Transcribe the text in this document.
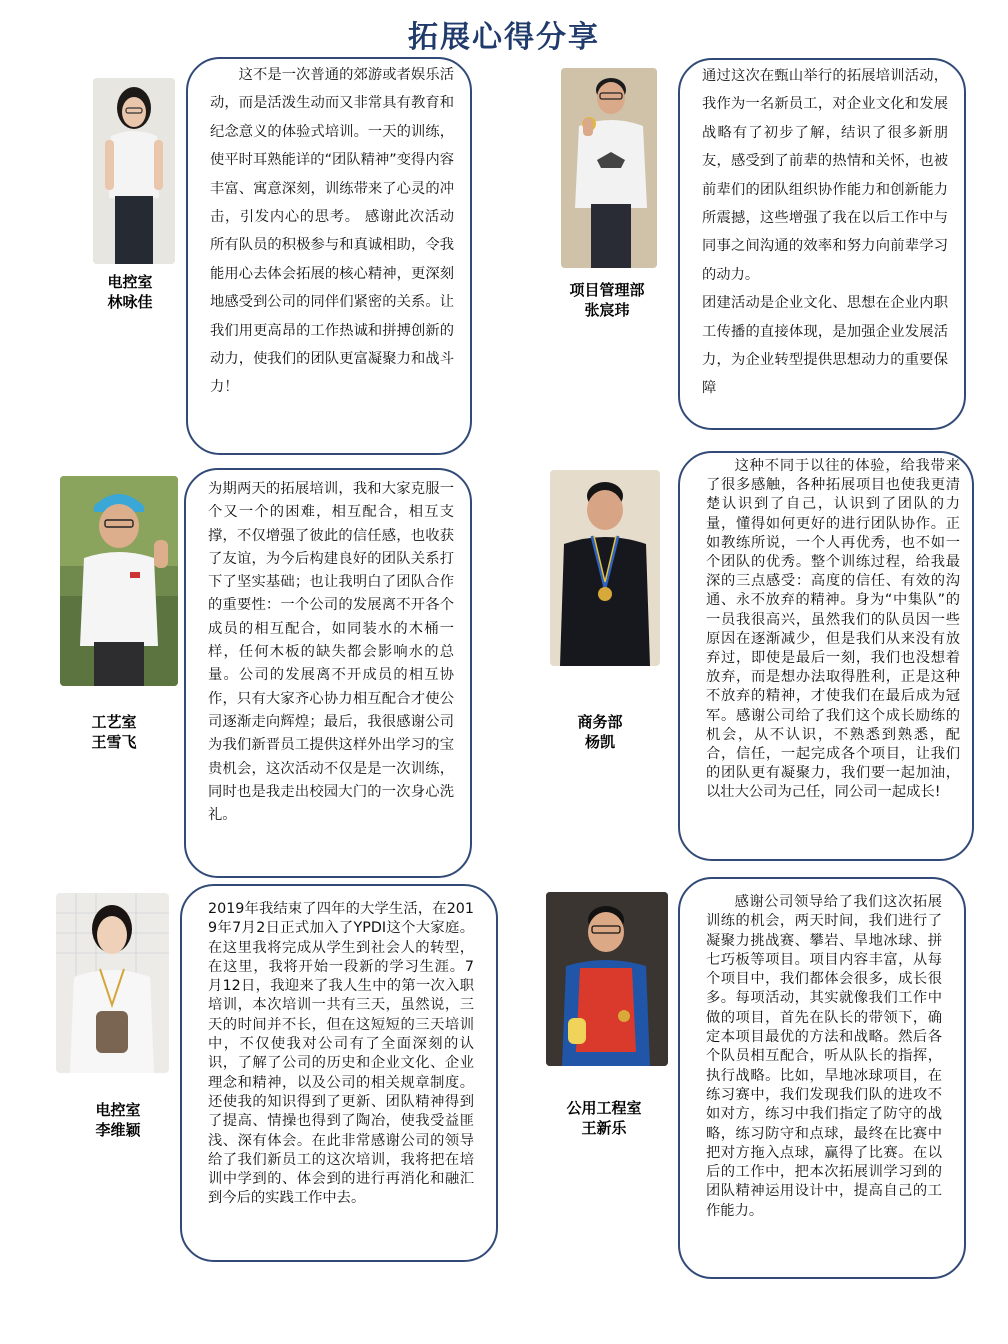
拓展心得分享
电控室
林咏佳

这不是一次普通的郊游或者娱乐活动，而是活泼生动而又非常具有教育和纪念意义的体验式培训。一天的训练，使平时耳熟能详的“团队精神”变得内容丰富、寓意深刻，训练带来了心灵的冲击，引发内心的思考。 感谢此次活动所有队员的积极参与和真诚相助，令我能用心去体会拓展的核心精神，更深刻地感受到公司的同伴们紧密的关系。让我们用更高昂的工作热诚和拼搏创新的动力，使我们的团队更富凝聚力和战斗力！

项目管理部
张宸玮

通过这次在甄山举行的拓展培训活动，我作为一名新员工，对企业文化和发展战略有了初步了解，结识了很多新朋友，感受到了前辈的热情和关怀，也被前辈们的团队组织协作能力和创新能力所震撼，这些增强了我在以后工作中与同事之间沟通的效率和努力向前辈学习的动力。

团建活动是企业文化、思想在企业内职工传播的直接体现，是加强企业发展活力，为企业转型提供思想动力的重要保障

工艺室
王雪飞

为期两天的拓展培训，我和大家克服一个又一个的困难，相互配合，相互支撑，不仅增强了彼此的信任感，也收获了友谊，为今后构建良好的团队关系打下了坚实基础；也让我明白了团队合作的重要性：一个公司的发展离不开各个成员的相互配合，如同装水的木桶一样，任何木板的缺失都会影响水的总量。公司的发展离不开成员的相互协作，只有大家齐心协力相互配合才使公司逐渐走向辉煌；最后，我很感谢公司为我们新晋员工提供这样外出学习的宝贵机会，这次活动不仅是是一次训练，同时也是我走出校园大门的一次身心洗礼。

商务部
杨凯

这种不同于以往的体验，给我带来了很多感触，各种拓展项目也使我更清楚认识到了自己，认识到了团队的力量，懂得如何更好的进行团队协作。正如教练所说，一个人再优秀，也不如一个团队的优秀。整个训练过程，给我最深的三点感受：高度的信任、有效的沟通、永不放弃的精神。身为“中集队”的一员我很高兴，虽然我们的队员因一些原因在逐渐减少，但是我们从来没有放弃过，即使是最后一刻，我们也没想着放弃，而是想办法取得胜利，正是这种不放弃的精神，才使我们在最后成为冠军。感谢公司给了我们这个成长励练的机会，从不认识，不熟悉到熟悉，配合，信任，一起完成各个项目，让我们的团队更有凝聚力，我们要一起加油，以壮大公司为己任，同公司一起成长!

电控室
李维颖

2019年我结束了四年的大学生活，在2019年7月2日正式加入了YPDI这个大家庭。在这里我将完成从学生到社会人的转型，在这里，我将开始一段新的学习生涯。7月12日，我迎来了我人生中的第一次入职培训，本次培训一共有三天，虽然说，三天的时间并不长，但在这短短的三天培训中，不仅使我对公司有了全面深刻的认识，了解了公司的历史和企业文化、企业理念和精神，以及公司的相关规章制度。还使我的知识得到了更新、团队精神得到了提高、情操也得到了陶冶，使我受益匪浅、深有体会。在此非常感谢公司的领导给了我们新员工的这次培训，我将把在培训中学到的、体会到的进行再消化和融汇到今后的实践工作中去。

公用工程室
王新乐

感谢公司领导给了我们这次拓展训练的机会，两天时间，我们进行了凝聚力挑战赛、攀岩、旱地冰球、拼七巧板等项目。项目内容丰富，从每个项目中，我们都体会很多，成长很多。每项活动，其实就像我们工作中做的项目，首先在队长的带领下，确定本项目最优的方法和战略。然后各个队员相互配合，听从队长的指挥，执行战略。比如，旱地冰球项目，在练习赛中，我们发现我们队的进攻不如对方，练习中我们指定了防守的战略，练习防守和点球，最终在比赛中把对方拖入点球，赢得了比赛。在以后的工作中，把本次拓展训学习到的团队精神运用设计中，提高自己的工作能力。
